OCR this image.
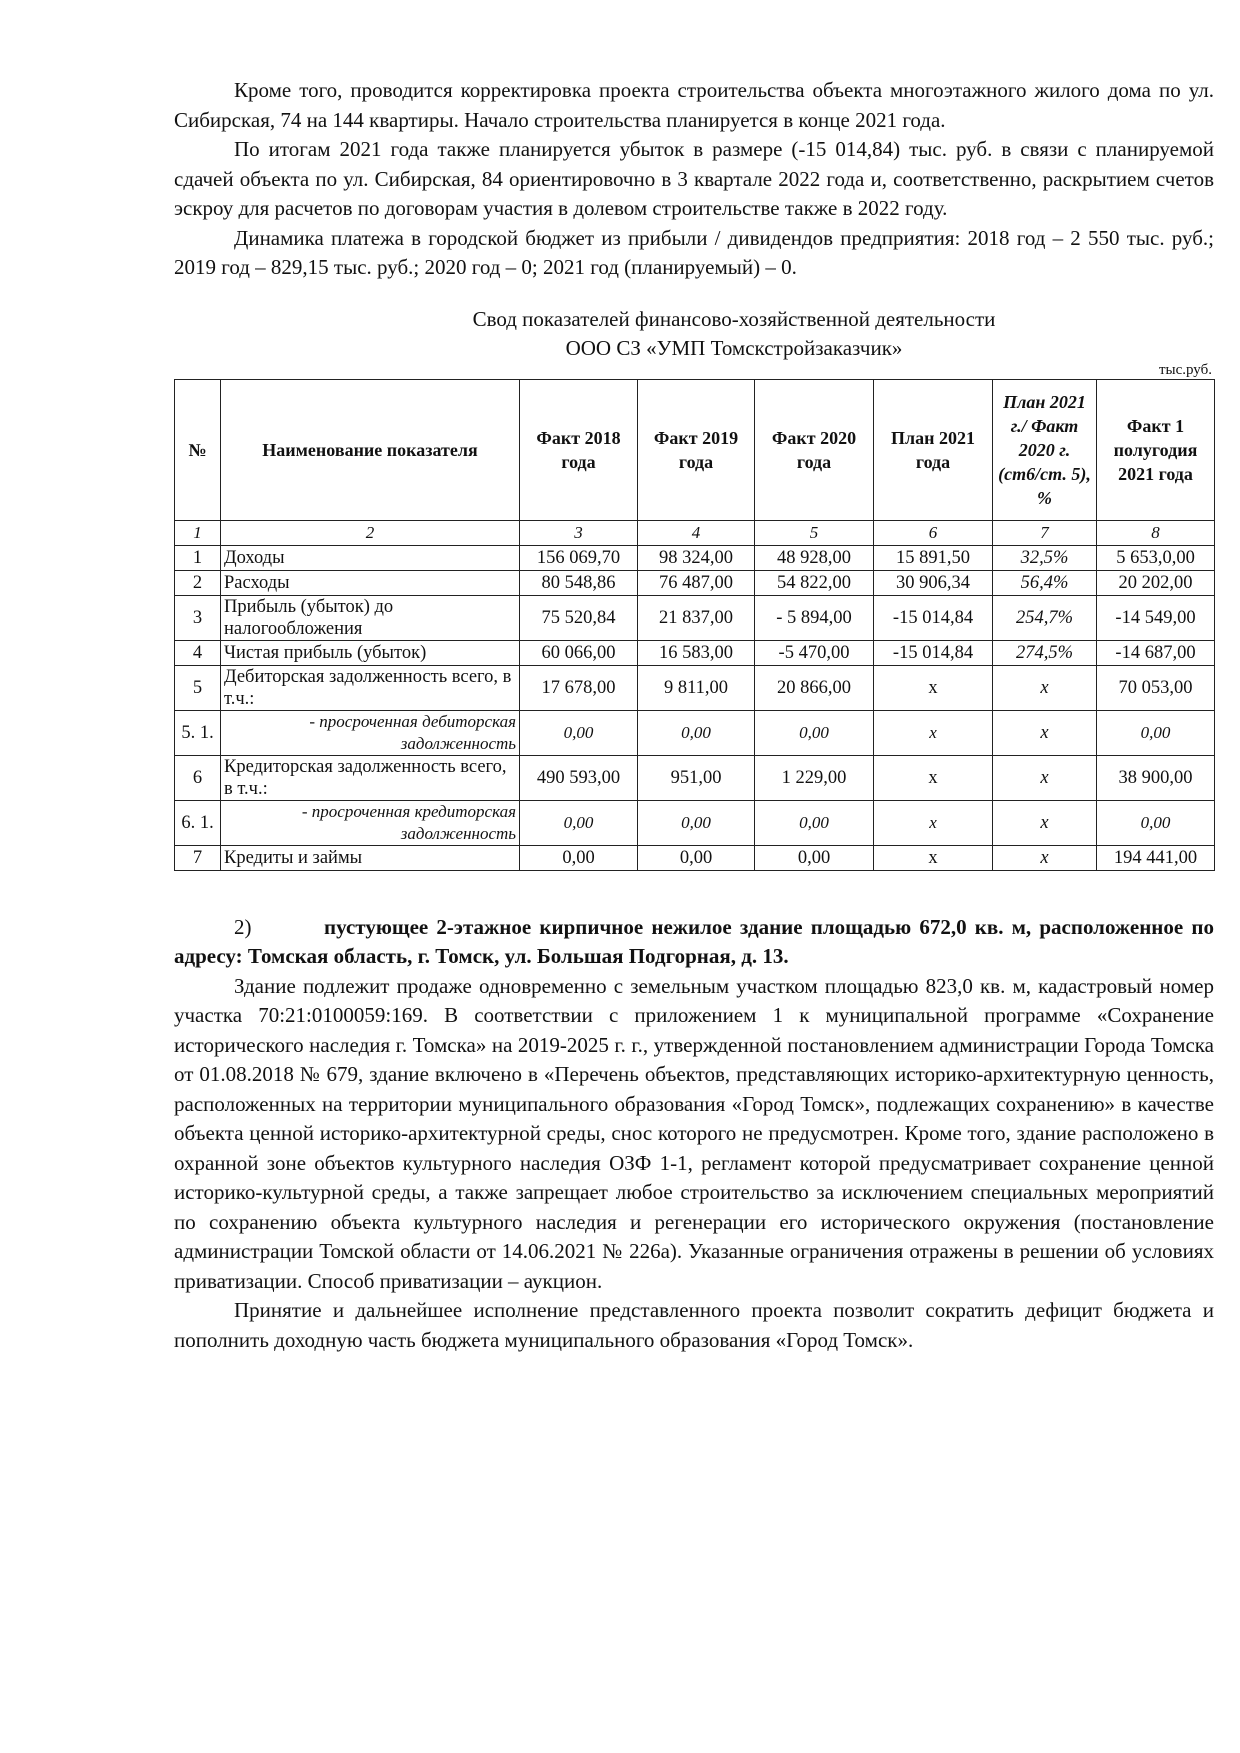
Кроме того, проводится корректировка проекта строительства объекта многоэтажного жилого дома по ул. Сибирская, 74 на 144 квартиры. Начало строительства планируется в конце 2021 года.

По итогам 2021 года также планируется убыток в размере (-15 014,84) тыс. руб. в связи с планируемой сдачей объекта по ул. Сибирская, 84 ориентировочно в 3 квартале 2022 года и, соответственно, раскрытием счетов эскроу для расчетов по договорам участия в долевом строительстве также в 2022 году.

Динамика платежа в городской бюджет из прибыли / дивидендов предприятия: 2018 год – 2 550 тыс. руб.; 2019 год – 829,15 тыс. руб.; 2020 год – 0; 2021 год (планируемый) – 0.

Свод показателей финансово-хозяйственной деятельности
ООО СЗ «УМП Томскстройзаказчик»
тыс.руб.
№	Наименование показателя	Факт 2018 года	Факт 2019 года	Факт 2020 года	План 2021 года	План 2021 г./ Факт 2020 г. (ст6/ст. 5), %	Факт 1 полугодия 2021 года
1	2	3	4	5	6	7	8
1	Доходы	156 069,70	98 324,00	48 928,00	15 891,50	32,5%	5 653,0,00
2	Расходы	80 548,86	76 487,00	54 822,00	30 906,34	56,4%	20 202,00
3	Прибыль (убыток) до налогообложения	75 520,84	21 837,00	- 5 894,00	-15 014,84	254,7%	-14 549,00
4	Чистая прибыль (убыток)	60 066,00	16 583,00	-5 470,00	-15 014,84	274,5%	-14 687,00
5	Дебиторская задолженность всего, в т.ч.:	17 678,00	9 811,00	20 866,00	x	x	70 053,00
5. 1.	- просроченная дебиторская задолженность	0,00	0,00	0,00	x	x	0,00
6	Кредиторская задолженность всего, в т.ч.:	490 593,00	951,00	1 229,00	x	x	38 900,00
6. 1.	- просроченная кредиторская задолженность	0,00	0,00	0,00	x	x	0,00
7	Кредиты и займы	0,00	0,00	0,00	x	x	194 441,00
2)	пустующее 2-этажное кирпичное нежилое здание площадью 672,0 кв. м, расположенное по адресу: Томская область, г. Томск, ул. Большая Подгорная, д. 13.

Здание подлежит продаже одновременно с земельным участком площадью 823,0 кв. м, кадастровый номер участка 70:21:0100059:169. В соответствии с приложением 1 к муниципальной программе «Сохранение исторического наследия г. Томска» на 2019-2025 г. г., утвержденной постановлением администрации Города Томска от 01.08.2018 № 679, здание включено в «Перечень объектов, представляющих историко-архитектурную ценность, расположенных на территории муниципального образования «Город Томск», подлежащих сохранению» в качестве объекта ценной историко-архитектурной среды, снос которого не предусмотрен. Кроме того, здание расположено в охранной зоне объектов культурного наследия ОЗФ 1-1, регламент которой предусматривает сохранение ценной историко-культурной среды, а также запрещает любое строительство за исключением специальных мероприятий по сохранению объекта культурного наследия и регенерации его исторического окружения (постановление администрации Томской области от 14.06.2021 № 226а). Указанные ограничения отражены в решении об условиях приватизации. Способ приватизации – аукцион.

Принятие и дальнейшее исполнение представленного проекта позволит сократить дефицит бюджета и пополнить доходную часть бюджета муниципального образования «Город Томск».
